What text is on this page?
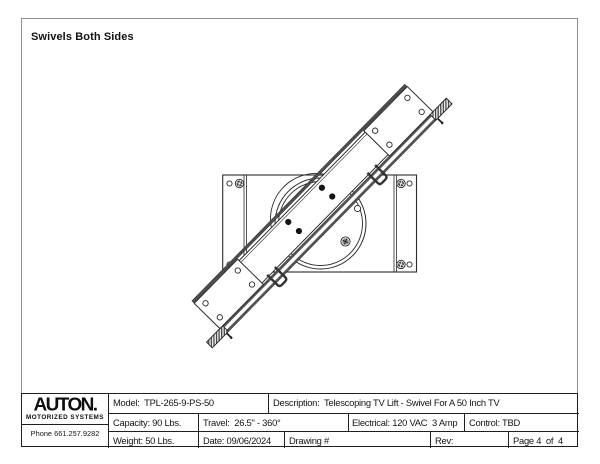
Swivels Both Sides
AUTON.
MOTORIZED SYSTEMS
Phone 661.257.9282
Model:  TPL-265-9-PS-50	Description:  Telescoping TV Lift - Swivel For A 50 Inch TV
Capacity: 90 Lbs.	Travel:  26.5" - 360°	Electrical: 120 VAC  3 Amp	Control: TBD
Weight: 50 Lbs.	Date: 09/06/2024	Drawing #	Rev:	Page 4  of  4
